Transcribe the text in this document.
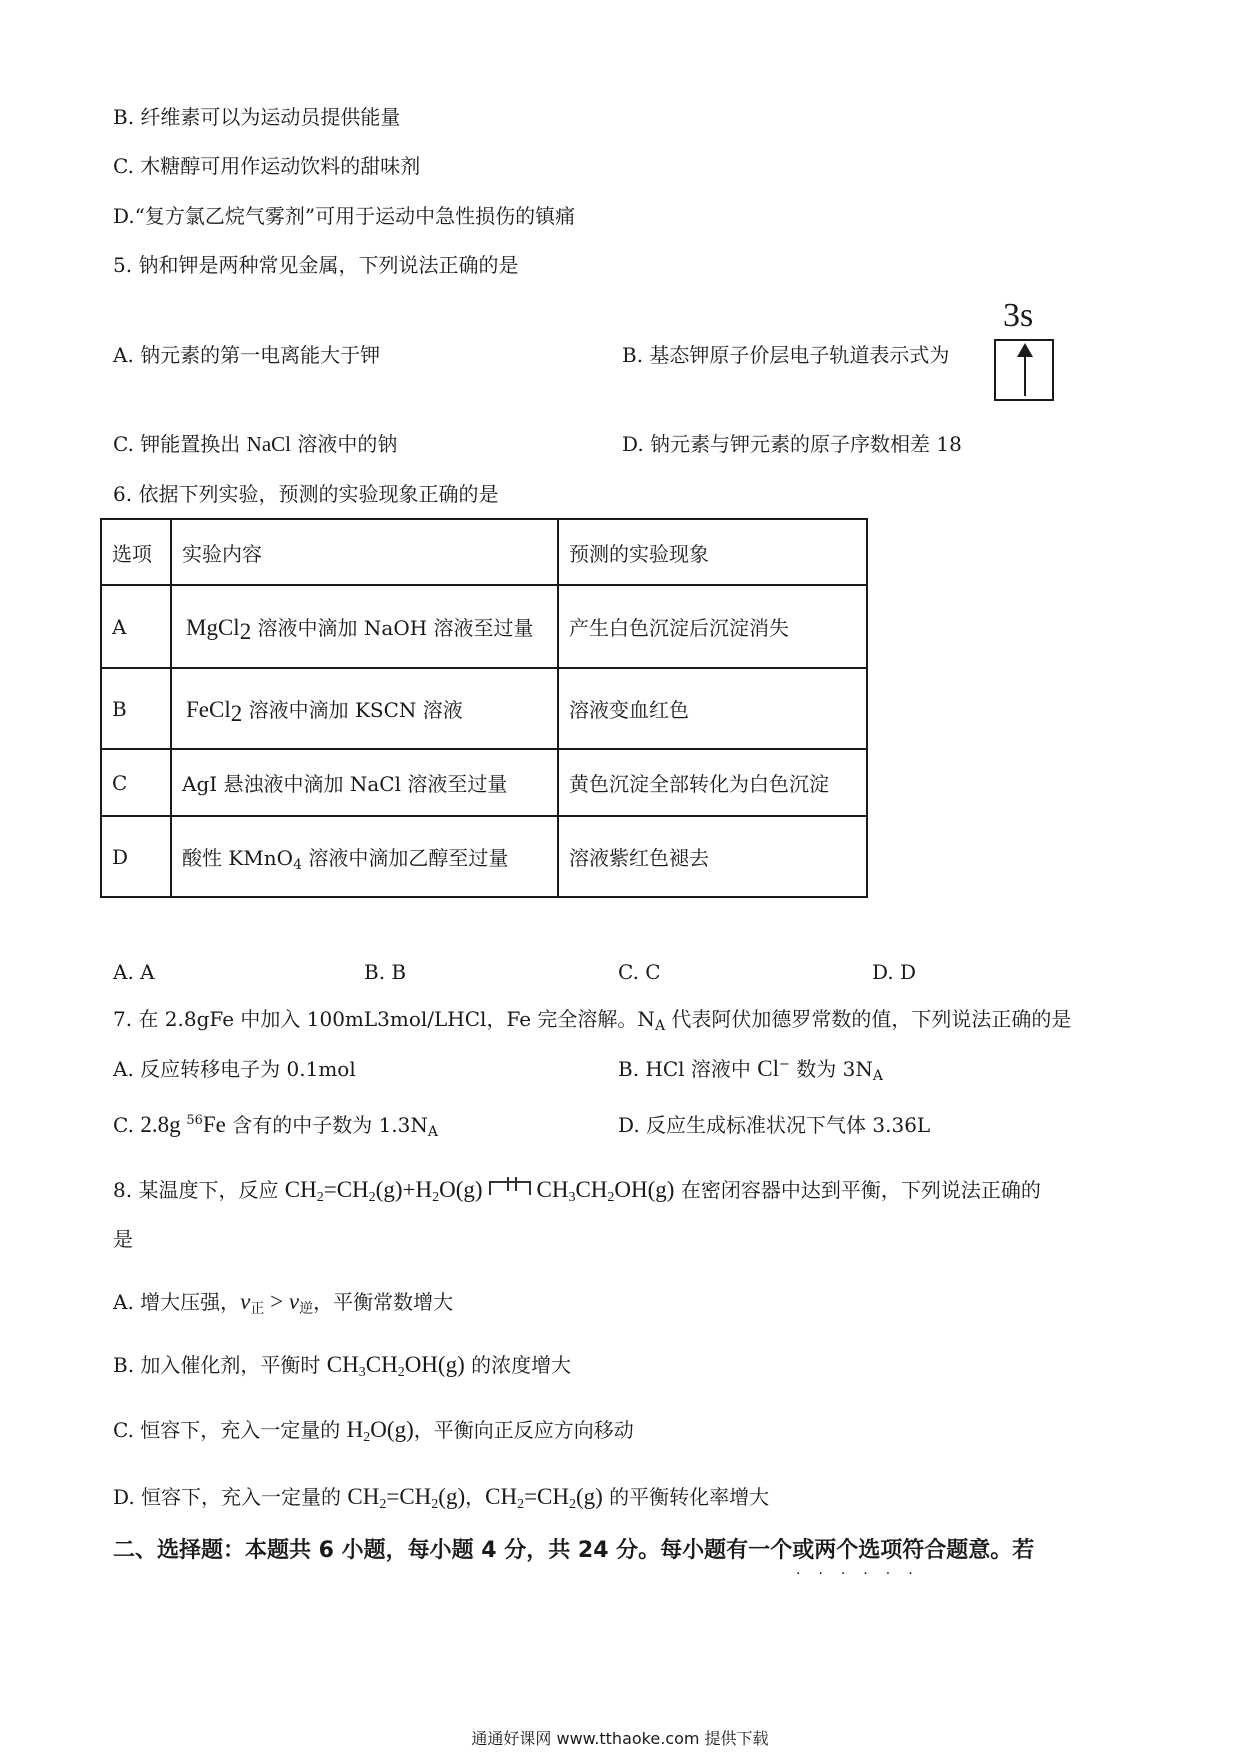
B. 纤维素可以为运动员提供能量
C. 木糖醇可用作运动饮料的甜味剂
D.“复方氯乙烷气雾剂”可用于运动中急性损伤的镇痛
5. 钠和钾是两种常见金属，下列说法正确的是
A. 钠元素的第一电离能大于钾	B. 基态钾原子价层电子轨道表示式为
3s
C. 钾能置换出 NaCl 溶液中的钠	D. 钠元素与钾元素的原子序数相差 18
6. 依据下列实验，预测的实验现象正确的是
选项	实验内容	预测的实验现象
A	MgCl$_2$ 溶液中滴加 NaOH 溶液至过量	产生白色沉淀后沉淀消失
B	FeCl$_2$ 溶液中滴加 KSCN 溶液	溶液变血红色
C	AgI 悬浊液中滴加 NaCl 溶液至过量	黄色沉淀全部转化为白色沉淀
D	酸性 KMnO$_4$ 溶液中滴加乙醇至过量	溶液紫红色褪去
A. A	B. B	C. C	D. D
7. 在 2.8gFe 中加入 100mL3mol/LHCl，Fe 完全溶解。$N_A$ 代表阿伏加德罗常数的值，下列说法正确的是
A. 反应转移电子为 0.1mol	B. HCl 溶液中 Cl− 数为 $3N_A$
C. 2.8g $^{56}$Fe 含有的中子数为 $1.3N_A$	D. 反应生成标准状况下气体 3.36L
8. 某温度下，反应 $CH_2=CH_2(g)+H_2O(g)$ $CH_3CH_2OH(g)$ 在密闭容器中达到平衡，下列说法正确的
是
A. 增大压强，$v_正 > v_逆$，平衡常数增大
B. 加入催化剂，平衡时 $CH_3CH_2OH(g)$ 的浓度增大
C. 恒容下，充入一定量的 $H_2O(g)$，平衡向正反应方向移动
D. 恒容下，充入一定量的 $CH_2=CH_2(g)$，$CH_2=CH_2(g)$ 的平衡转化率增大
二、选择题：本题共 6 小题，每小题 4 分，共 24 分。每小题有一个或两个选项符合题意。若
······
通通好课网 www.tthaoke.com 提供下载
